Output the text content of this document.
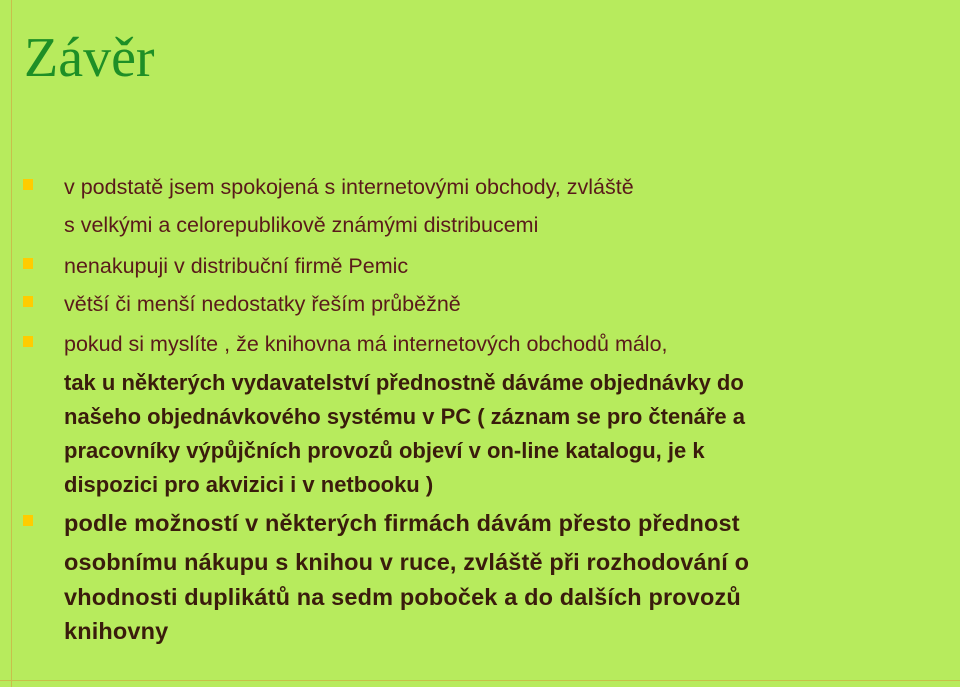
Závěr
v podstatě jsem spokojená s internetovými obchody, zvláště
s velkými a celorepublikově známými distribucemi
nenakupuji v distribuční firmě Pemic
větší či menší nedostatky řeším průběžně
pokud si myslíte , že knihovna má internetových obchodů málo,
tak u některých vydavatelství přednostně dáváme objednávky do
našeho objednávkového systému v PC ( záznam se pro čtenáře a
pracovníky výpůjčních provozů objeví v on-line katalogu, je k
dispozici pro akvizici i v netbooku )
podle možností v některých firmách dávám přesto přednost
osobnímu nákupu s knihou v ruce, zvláště při rozhodování o
vhodnosti duplikátů na sedm poboček a do dalších provozů
knihovny
